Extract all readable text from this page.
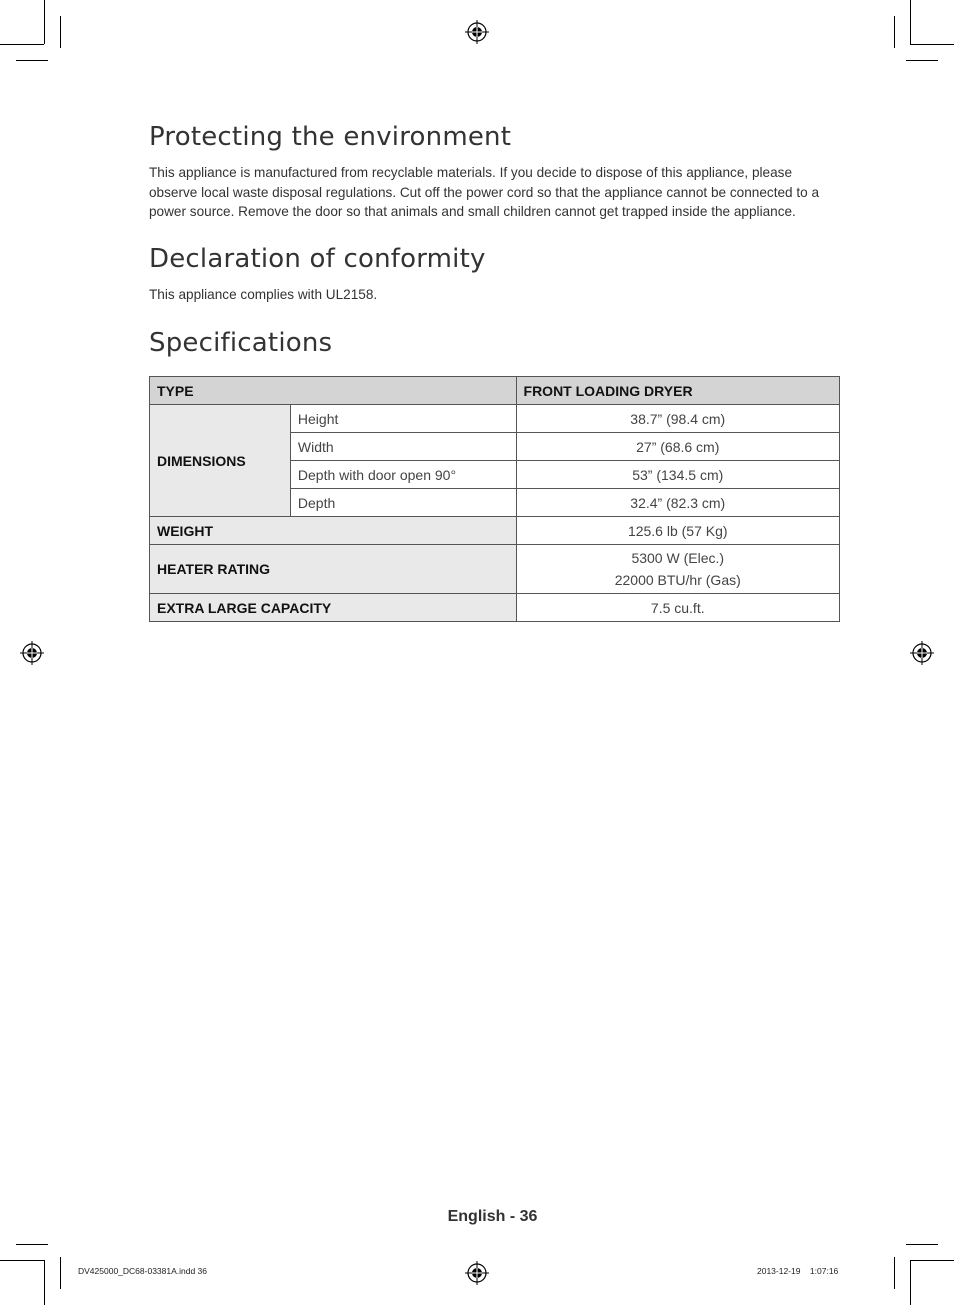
Protecting the environment

This appliance is manufactured from recyclable materials. If you decide to dispose of this appliance, please observe local waste disposal regulations. Cut off the power cord so that the appliance cannot be connected to a power source. Remove the door so that animals and small children cannot get trapped inside the appliance.

Declaration of conformity

This appliance complies with UL2158.

Specifications
TYPE		FRONT LOADING DRYER
DIMENSIONS	Height	38.7” (98.4 cm)
	Width	27” (68.6 cm)
	Depth with door open 90°	53” (134.5 cm)
	Depth	32.4” (82.3 cm)
WEIGHT		125.6 lb (57 Kg)
HEATER RATING		5300 W (Elec.)
22000 BTU/hr (Gas)

EXTRA LARGE CAPACITY		7.5 cu.ft.
English - 36
DV425000_DC68-03381A.indd 36	2013-12-19    1:07:16
